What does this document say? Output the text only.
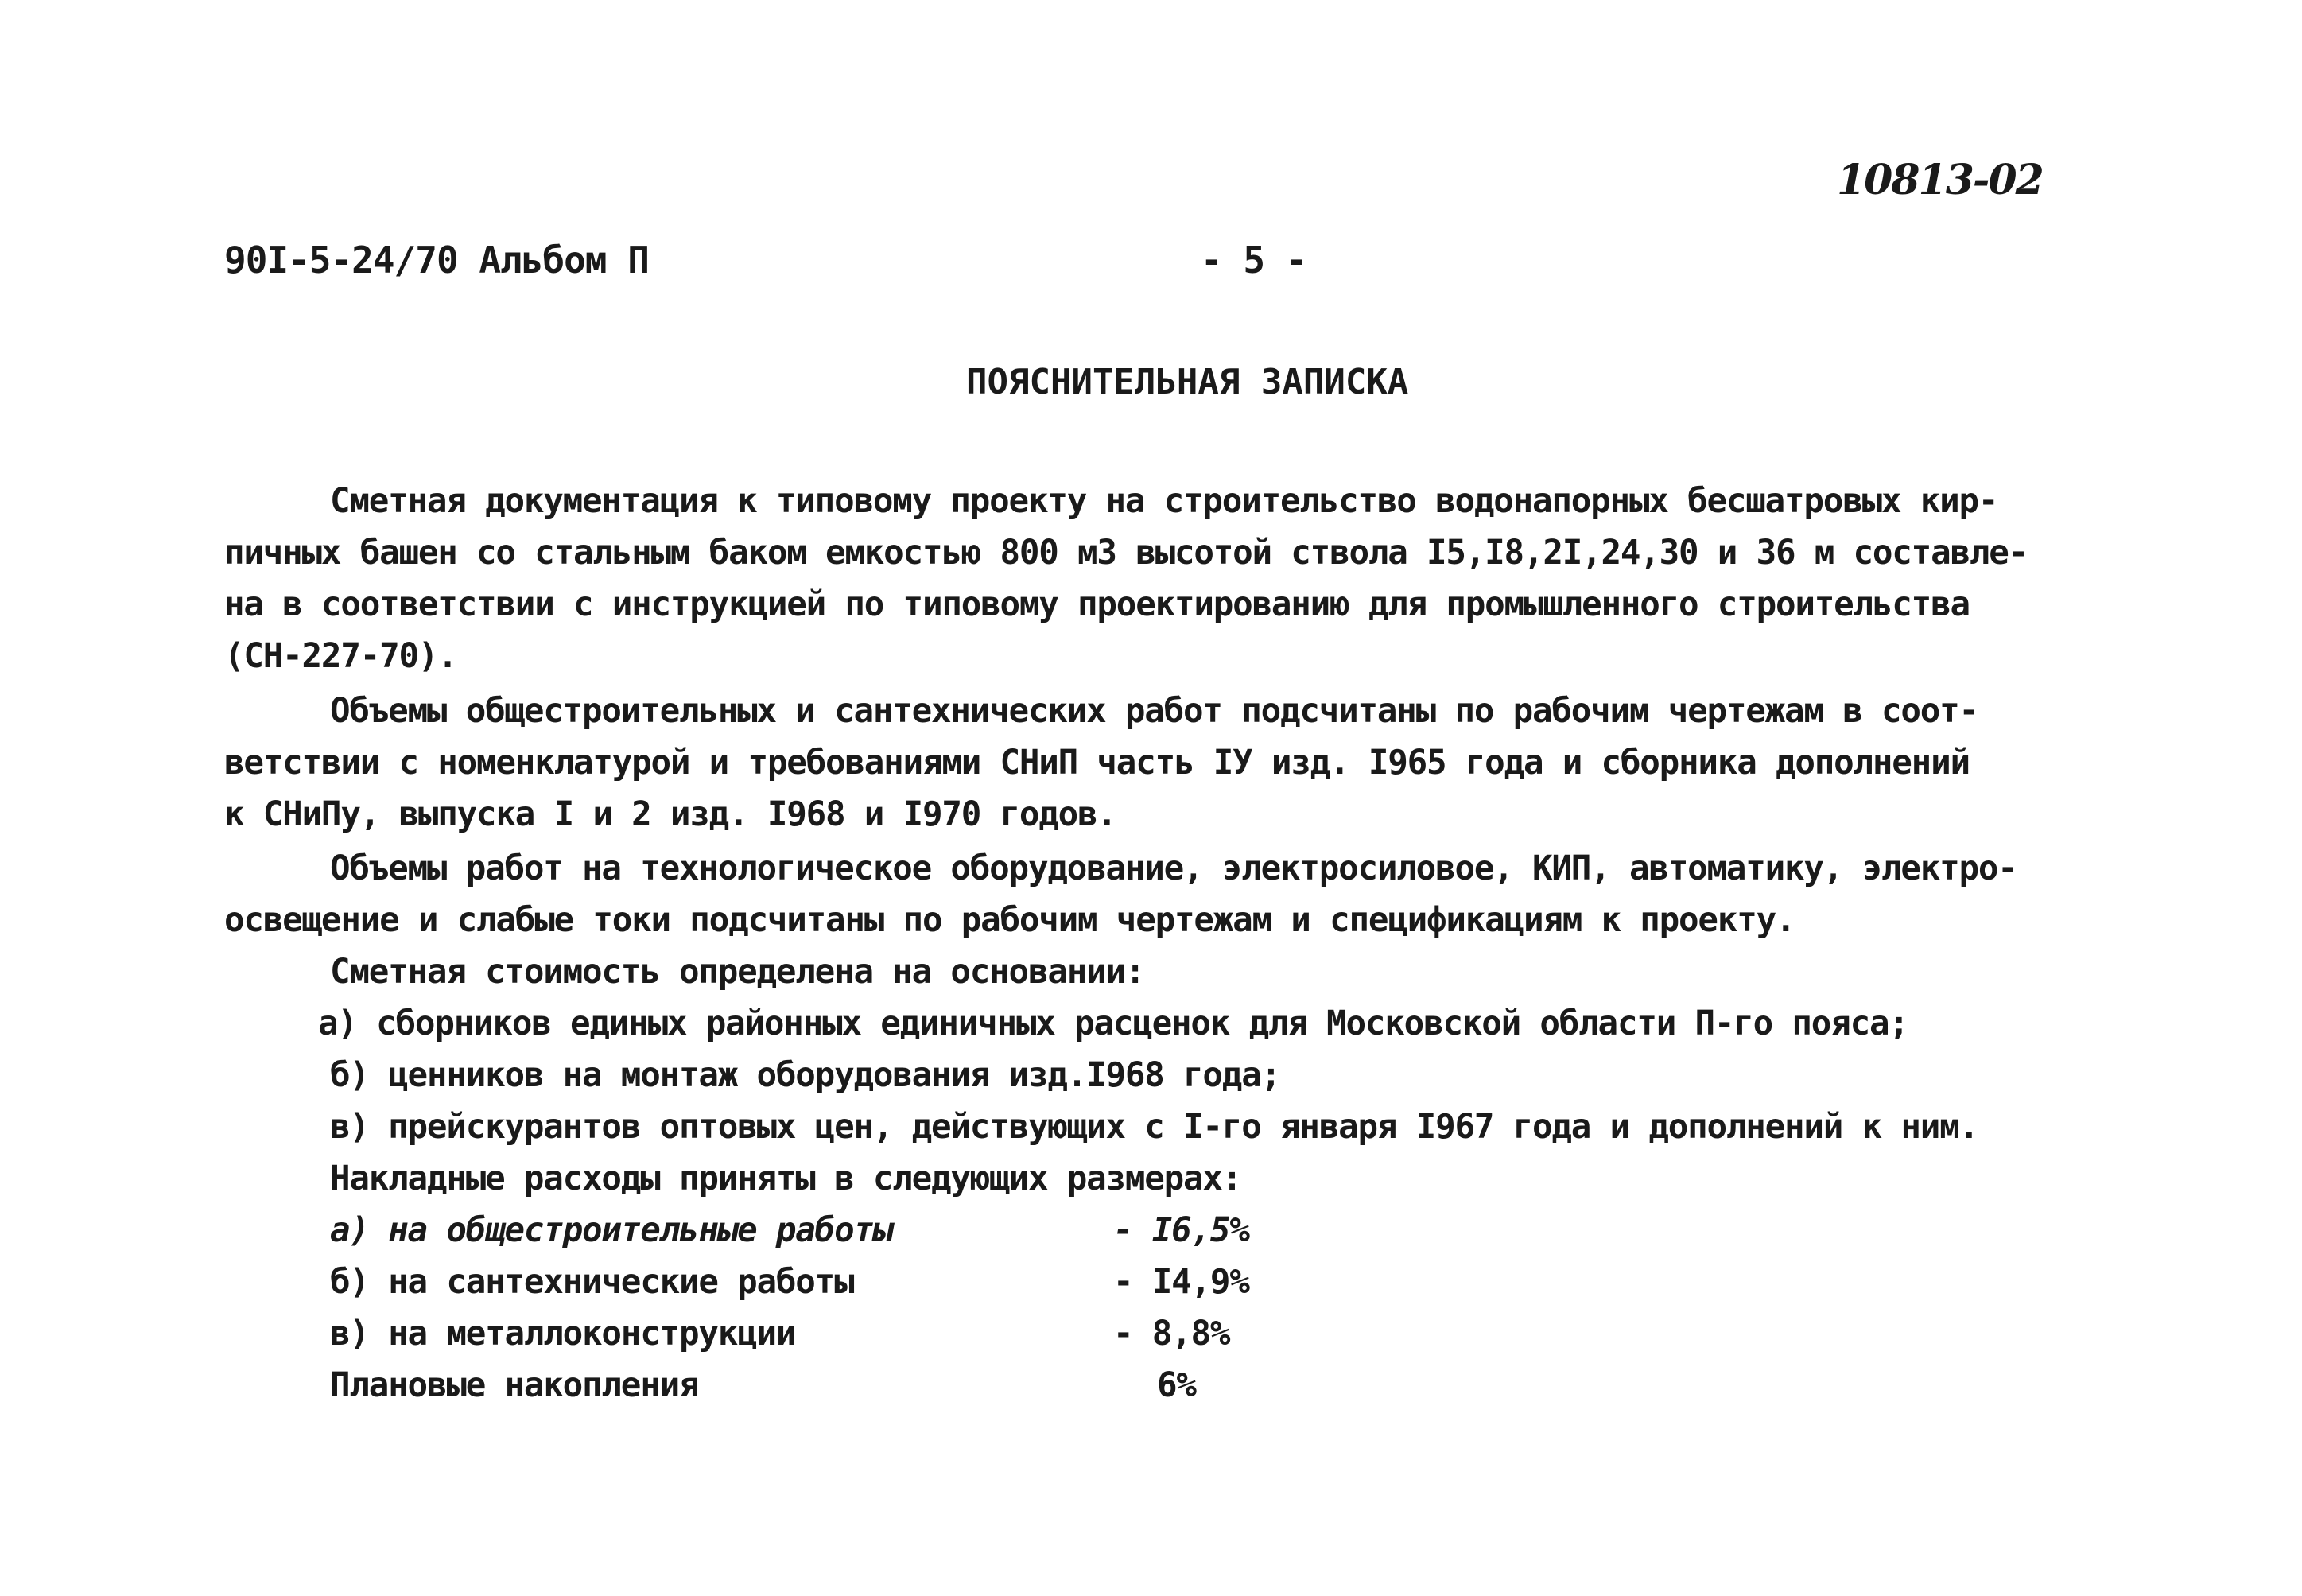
10813-02
90I-5-24/70 Альбом П	- 5 -
ПОЯСНИТЕЛЬНАЯ ЗАПИСКА
Сметная документация к типовому проекту на строительство водонапорных бесшатровых кир-
пичных башен со стальным баком емкостью 800 м3 высотой ствола I5,I8,2I,24,30 и 36 м составле-
на в соответствии с инструкцией по типовому проектированию для промышленного строительства
(СН-227-70).
Объемы общестроительных и сантехнических работ подсчитаны по рабочим чертежам в соот-
ветствии с номенклатурой и требованиями СНиП часть IУ изд. I965 года и сборника дополнений
к СНиПу, выпуска I и 2 изд. I968 и I970 годов.
Объемы работ на технологическое оборудование, электросиловое, КИП, автоматику, электро-
освещение и слабые токи подсчитаны по рабочим чертежам и спецификациям к проекту.
Сметная стоимость определена на основании:
а) сборников единых районных единичных расценок для Московской области П-го пояса;
б) ценников на монтаж оборудования изд.I968 года;
в) прейскурантов оптовых цен, действующих с I-го января I967 года и дополнений к ним.
Накладные расходы приняты в следующих размерах:
а) на общестроительные работы	- I6,5%
б) на сантехнические работы	- I4,9%
в) на металлоконструкции	- 8,8%
Плановые накопления	6%
